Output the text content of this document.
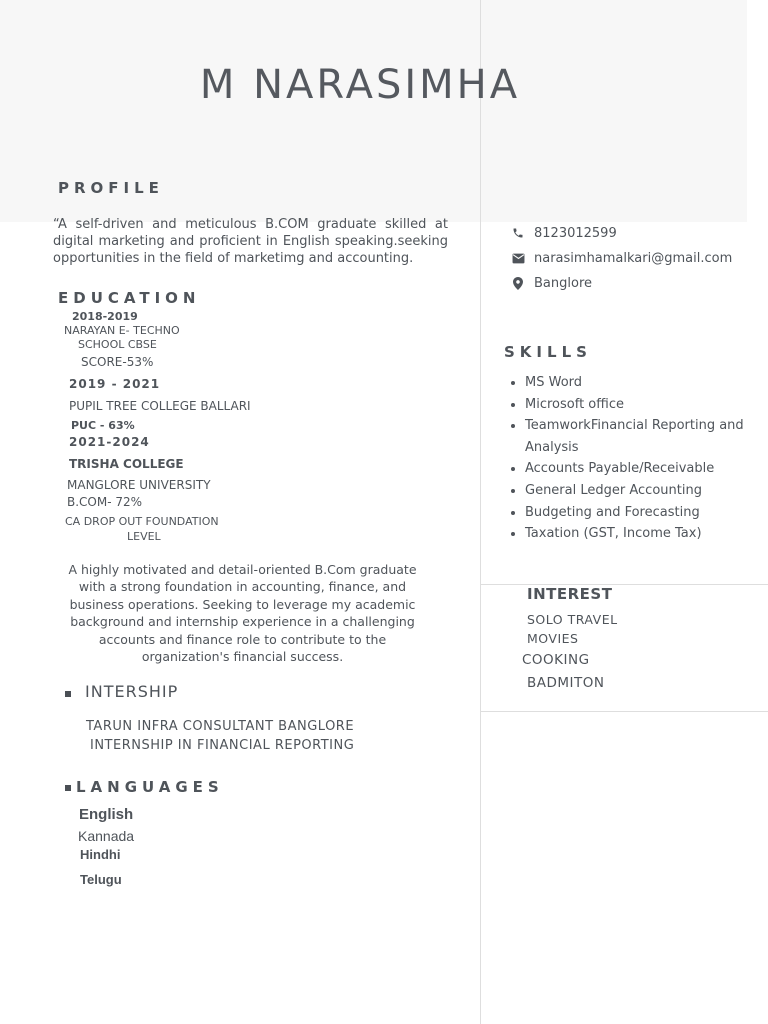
M NARASIMHA
PROFILE
“A self-driven and meticulous B.COM graduate skilled at digital marketing and proficient in English speaking.seeking opportunities in the field of marketimg and accounting.
EDUCATION
2018-2019
NARAYAN E- TECHNO
SCHOOL CBSE
SCORE-53%
2019 - 2021
PUPIL TREE COLLEGE BALLARI
PUC - 63%
2021-2024
TRISHA COLLEGE
MANGLORE UNIVERSITY
B.COM- 72%
CA DROP OUT FOUNDATION
LEVEL
A highly motivated and detail-oriented B.Com graduate with a strong foundation in accounting, finance, and business operations. Seeking to leverage my academic background and internship experience in a challenging accounts and finance role to contribute to the organization's financial success.
INTERSHIP
TARUN INFRA CONSULTANT BANGLORE
INTERNSHIP IN FINANCIAL REPORTING
LANGUAGES
English
Kannada
Hindhi
Telugu
8123012599
narasimhamalkari@gmail.com
Banglore
SKILLS
• MS Word
• Microsoft office
• TeamworkFinancial Reporting and Analysis
• Accounts Payable/Receivable
• General Ledger Accounting
• Budgeting and Forecasting
• Taxation (GST, Income Tax)
INTEREST
SOLO TRAVEL
MOVIES
COOKING
BADMITON
